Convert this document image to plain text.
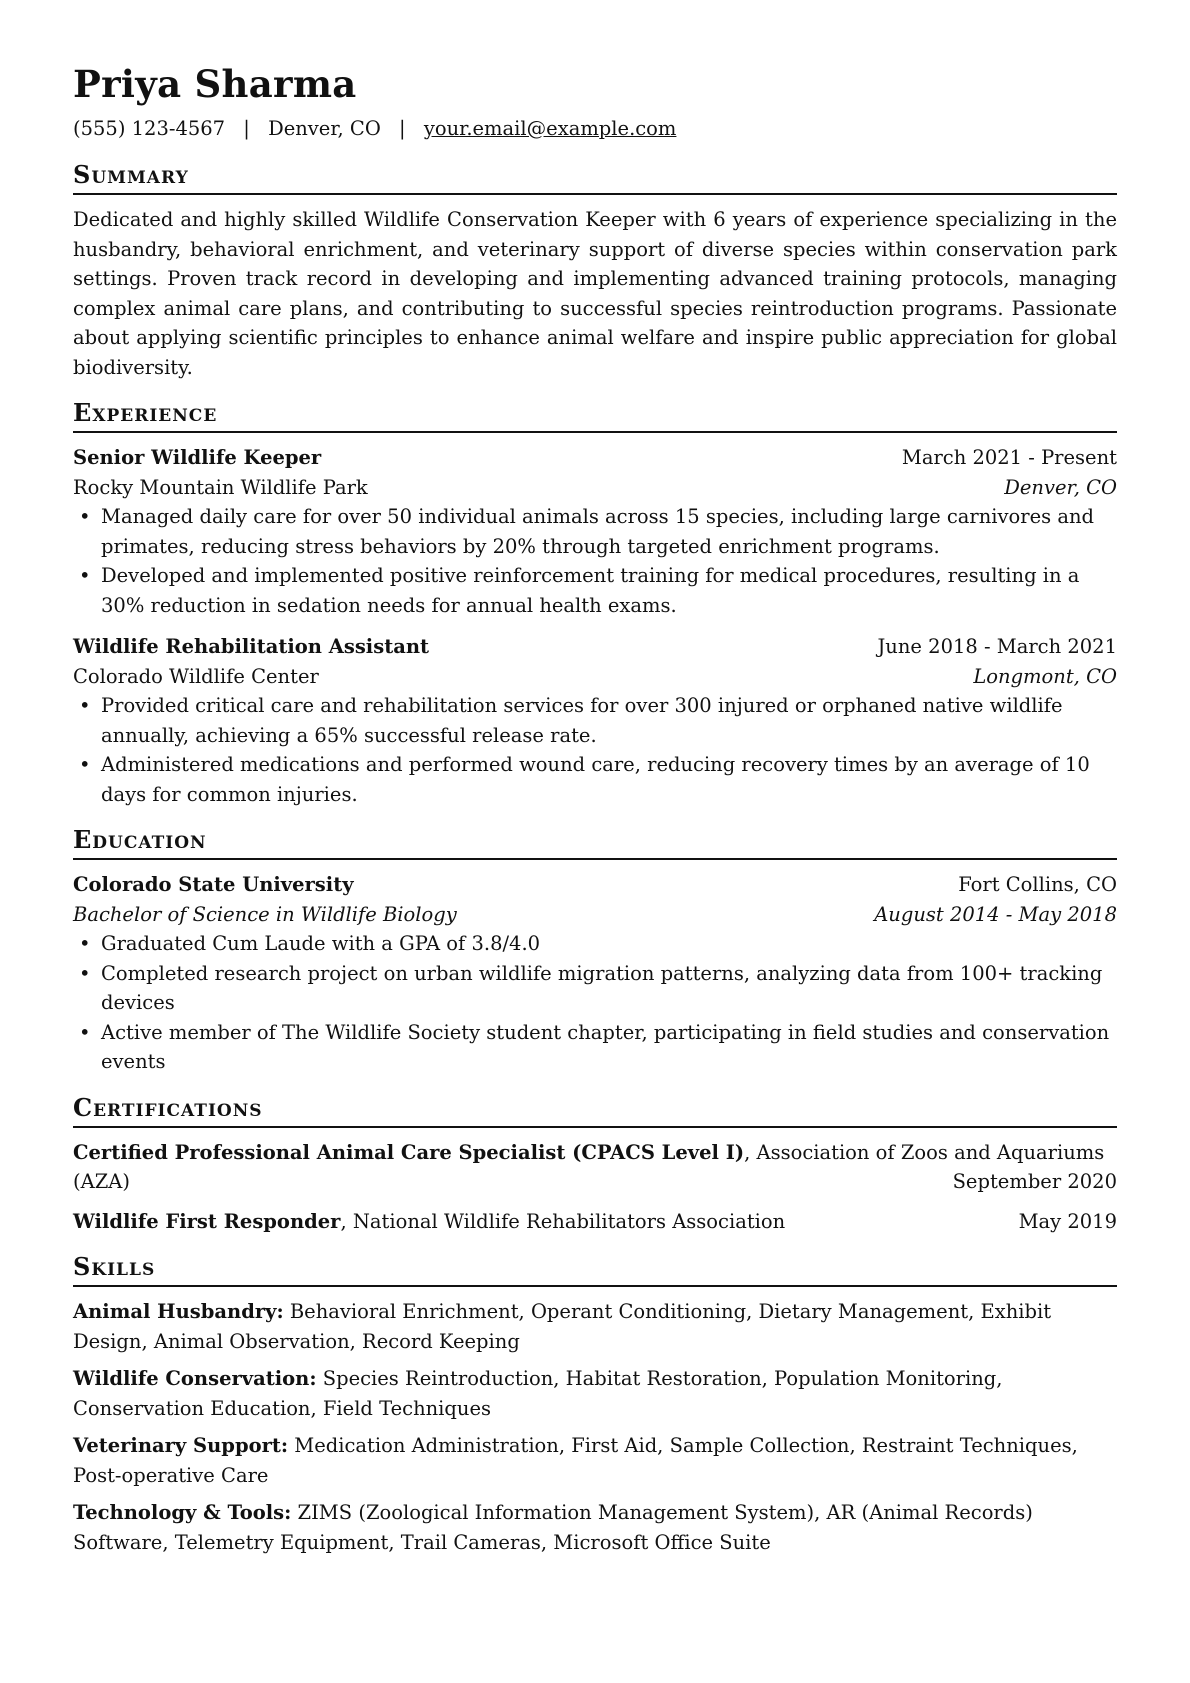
Priya Sharma
(555) 123-4567 | Denver, CO | your.email@example.com
Summary
Dedicated and highly skilled Wildlife Conservation Keeper with 6 years of experience specializing in the husbandry, behavioral enrichment, and veterinary support of diverse species within conservation park settings. Proven track record in developing and implementing advanced training protocols, managing complex animal care plans, and contributing to successful species reintroduction programs. Passionate about applying scientific principles to enhance animal welfare and inspire public appreciation for global biodiversity.
Experience
Senior Wildlife Keeper	March 2021 - Present
Rocky Mountain Wildlife Park	Denver, CO
• Managed daily care for over 50 individual animals across 15 species, including large carnivores and primates, reducing stress behaviors by 20% through targeted enrichment programs.
• Developed and implemented positive reinforcement training for medical procedures, resulting in a 30% reduction in sedation needs for annual health exams.
Wildlife Rehabilitation Assistant	June 2018 - March 2021
Colorado Wildlife Center	Longmont, CO
• Provided critical care and rehabilitation services for over 300 injured or orphaned native wildlife annually, achieving a 65% successful release rate.
• Administered medications and performed wound care, reducing recovery times by an average of 10 days for common injuries.
Education
Colorado State University	Fort Collins, CO
Bachelor of Science in Wildlife Biology	August 2014 - May 2018
• Graduated Cum Laude with a GPA of 3.8/4.0
• Completed research project on urban wildlife migration patterns, analyzing data from 100+ tracking devices
• Active member of The Wildlife Society student chapter, participating in field studies and conservation events
Certifications
Certified Professional Animal Care Specialist (CPACS Level I), Association of Zoos and Aquariums (AZA)	September 2020
Wildlife First Responder, National Wildlife Rehabilitators Association	May 2019
Skills
Animal Husbandry: Behavioral Enrichment, Operant Conditioning, Dietary Management, Exhibit Design, Animal Observation, Record Keeping
Wildlife Conservation: Species Reintroduction, Habitat Restoration, Population Monitoring, Conservation Education, Field Techniques
Veterinary Support: Medication Administration, First Aid, Sample Collection, Restraint Techniques, Post-operative Care
Technology & Tools: ZIMS (Zoological Information Management System), AR (Animal Records) Software, Telemetry Equipment, Trail Cameras, Microsoft Office Suite
